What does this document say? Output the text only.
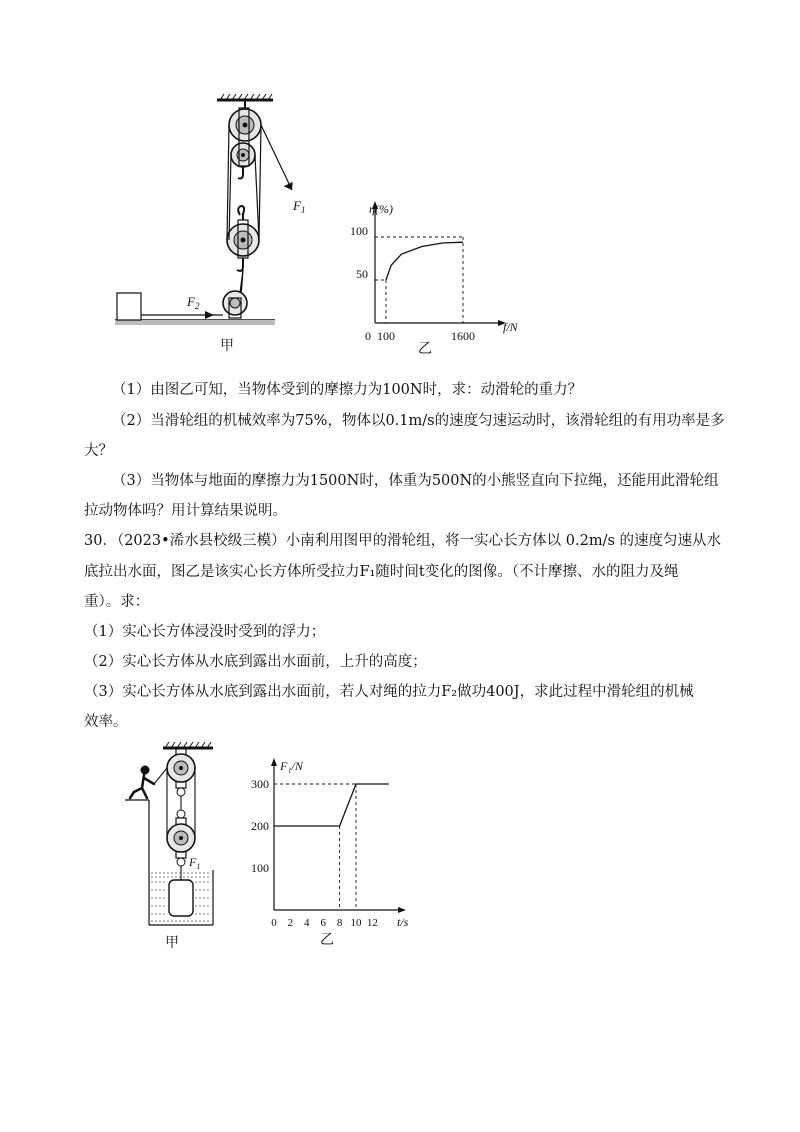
$F_1$
$F_2$
甲
η(%)
f/N
50
100
0 100	1600
乙
（1）由图乙可知，当物体受到的摩擦力为100N时，求：动滑轮的重力？
（2）当滑轮组的机械效率为75%，物体以0.1m/s的速度匀速运动时，该滑轮组的有用功率是多
大？
（3）当物体与地面的摩擦力为1500N时，体重为500N的小熊竖直向下拉绳，还能用此滑轮组
拉动物体吗？用计算结果说明。
30．（2023•浠水县校级三模）小南利用图甲的滑轮组，将一实心长方体以 0.2m/s 的速度匀速从水
底拉出水面，图乙是该实心长方体所受拉力F₁随时间t变化的图像。（不计摩擦、水的阻力及绳
重）。求：
（1）实心长方体浸没时受到的浮力；
（2）实心长方体从水底到露出水面前，上升的高度；
（3）实心长方体从水底到露出水面前，若人对绳的拉力F₂做功400J，求此过程中滑轮组的机械
效率。
$F_1$
甲
F₁/N
t/s
0 2 4 6 8 10 12
100
200
300
乙
